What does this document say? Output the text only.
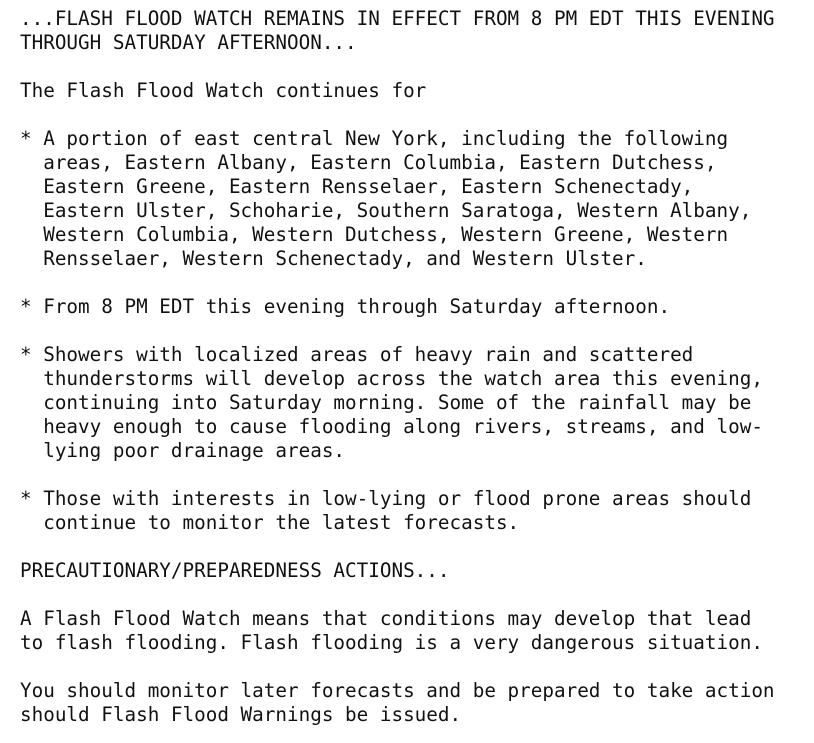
...FLASH FLOOD WATCH REMAINS IN EFFECT FROM 8 PM EDT THIS EVENING
THROUGH SATURDAY AFTERNOON...
The Flash Flood Watch continues for
* A portion of east central New York, including the following
areas, Eastern Albany, Eastern Columbia, Eastern Dutchess,
Eastern Greene, Eastern Rensselaer, Eastern Schenectady,
Eastern Ulster, Schoharie, Southern Saratoga, Western Albany,
Western Columbia, Western Dutchess, Western Greene, Western
Rensselaer, Western Schenectady, and Western Ulster.
* From 8 PM EDT this evening through Saturday afternoon.
* Showers with localized areas of heavy rain and scattered
thunderstorms will develop across the watch area this evening,
continuing into Saturday morning. Some of the rainfall may be
heavy enough to cause flooding along rivers, streams, and low-
lying poor drainage areas.
* Those with interests in low-lying or flood prone areas should
continue to monitor the latest forecasts.
PRECAUTIONARY/PREPAREDNESS ACTIONS...
A Flash Flood Watch means that conditions may develop that lead
to flash flooding. Flash flooding is a very dangerous situation.
You should monitor later forecasts and be prepared to take action
should Flash Flood Warnings be issued.
